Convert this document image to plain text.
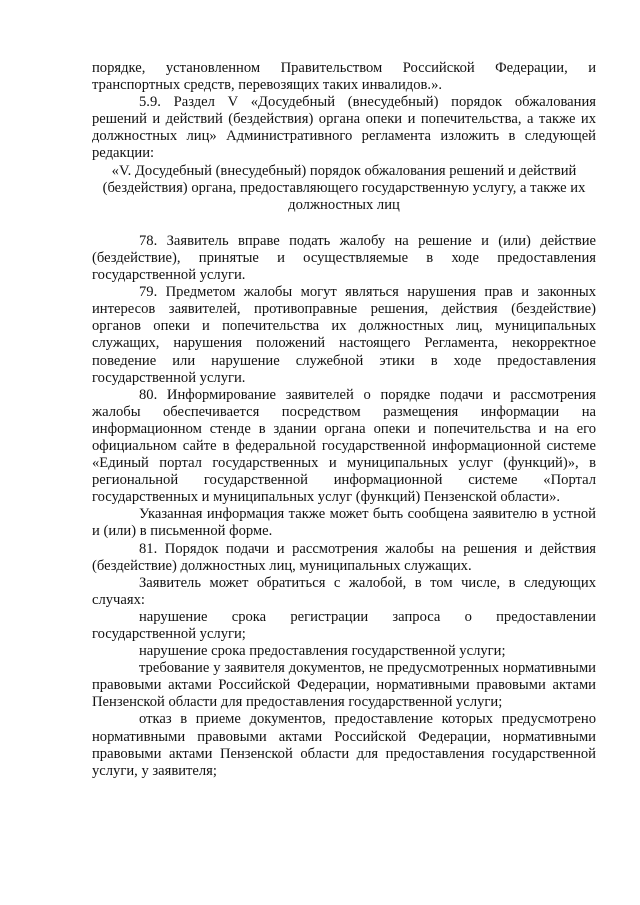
порядке, установленном Правительством Российской Федерации, и транспортных средств, перевозящих таких инвалидов.».

5.9. Раздел V «Досудебный (внесудебный) порядок обжалования решений и действий (бездействия) органа опеки и попечительства, а также их должностных лиц» Административного регламента изложить в следующей редакции:

«V. Досудебный (внесудебный) порядок обжалования решений и действий (бездействия) органа, предоставляющего государственную услугу, а также их должностных лиц

78. Заявитель вправе подать жалобу на решение и (или) действие (бездействие), принятые и осуществляемые в ходе предоставления государственной услуги.

79. Предметом жалобы могут являться нарушения прав и законных интересов заявителей, противоправные решения, действия (бездействие) органов опеки и попечительства их должностных лиц, муниципальных служащих, нарушения положений настоящего Регламента, некорректное поведение или нарушение служебной этики в ходе предоставления государственной услуги.

80. Информирование заявителей о порядке подачи и рассмотрения жалобы обеспечивается посредством размещения информации на информационном стенде в здании органа опеки и попечительства и на его официальном сайте в федеральной государственной информационной системе «Единый портал государственных и муниципальных услуг (функций)», в региональной государственной информационной системе «Портал государственных и муниципальных услуг (функций) Пензенской области».

Указанная информация также может быть сообщена заявителю в устной и (или) в письменной форме.

81. Порядок подачи и рассмотрения жалобы на решения и действия (бездействие) должностных лиц, муниципальных служащих.

Заявитель может обратиться с жалобой, в том числе, в следующих случаях:

нарушение срока регистрации запроса о предоставлении государственной услуги;

нарушение срока предоставления государственной услуги;

требование у заявителя документов, не предусмотренных нормативными правовыми актами Российской Федерации, нормативными правовыми актами Пензенской области для предоставления государственной услуги;

отказ в приеме документов, предоставление которых предусмотрено нормативными правовыми актами Российской Федерации, нормативными правовыми актами Пензенской области для предоставления государственной услуги, у заявителя;
